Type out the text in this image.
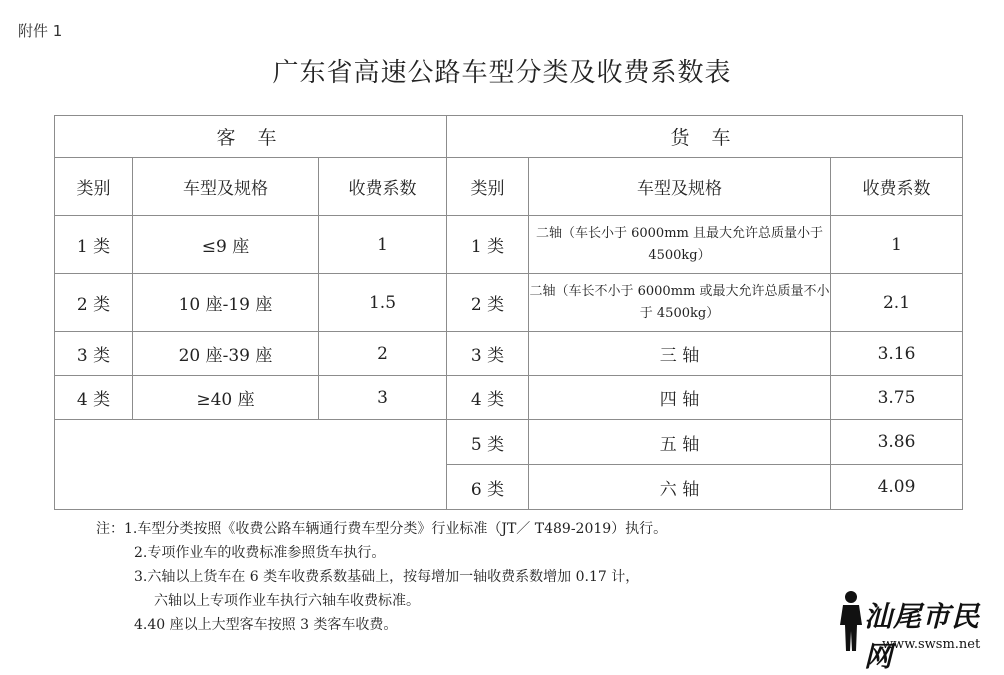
附件 1
广东省高速公路车型分类及收费系数表
客 车			货 车		
类别	车型及规格	收费系数	类别	车型及规格	收费系数
1 类	≤9 座	1	1 类	二轴（车长小于 6000mm 且最大允许总质量小于 4500kg）	1
2 类	10 座-19 座	1.5	2 类	二轴（车长不小于 6000mm 或最大允许总质量不小于 4500kg）	2.1
3 类	20 座-39 座	2	3 类	三 轴	3.16
4 类	≥40 座	3	4 类	四 轴	3.75
			5 类	五 轴	3.86
			6 类	六 轴	4.09
注：1.车型分类按照《收费公路车辆通行费车型分类》行业标准（JT／ T489-2019）执行。
2.专项作业车的收费标准参照货车执行。
3.六轴以上货车在 6 类车收费系数基础上，按每增加一轴收费系数增加 0.17 计，
六轴以上专项作业车执行六轴车收费标准。
4.40 座以上大型客车按照 3 类客车收费。	汕尾市民网
www.swsm.net
